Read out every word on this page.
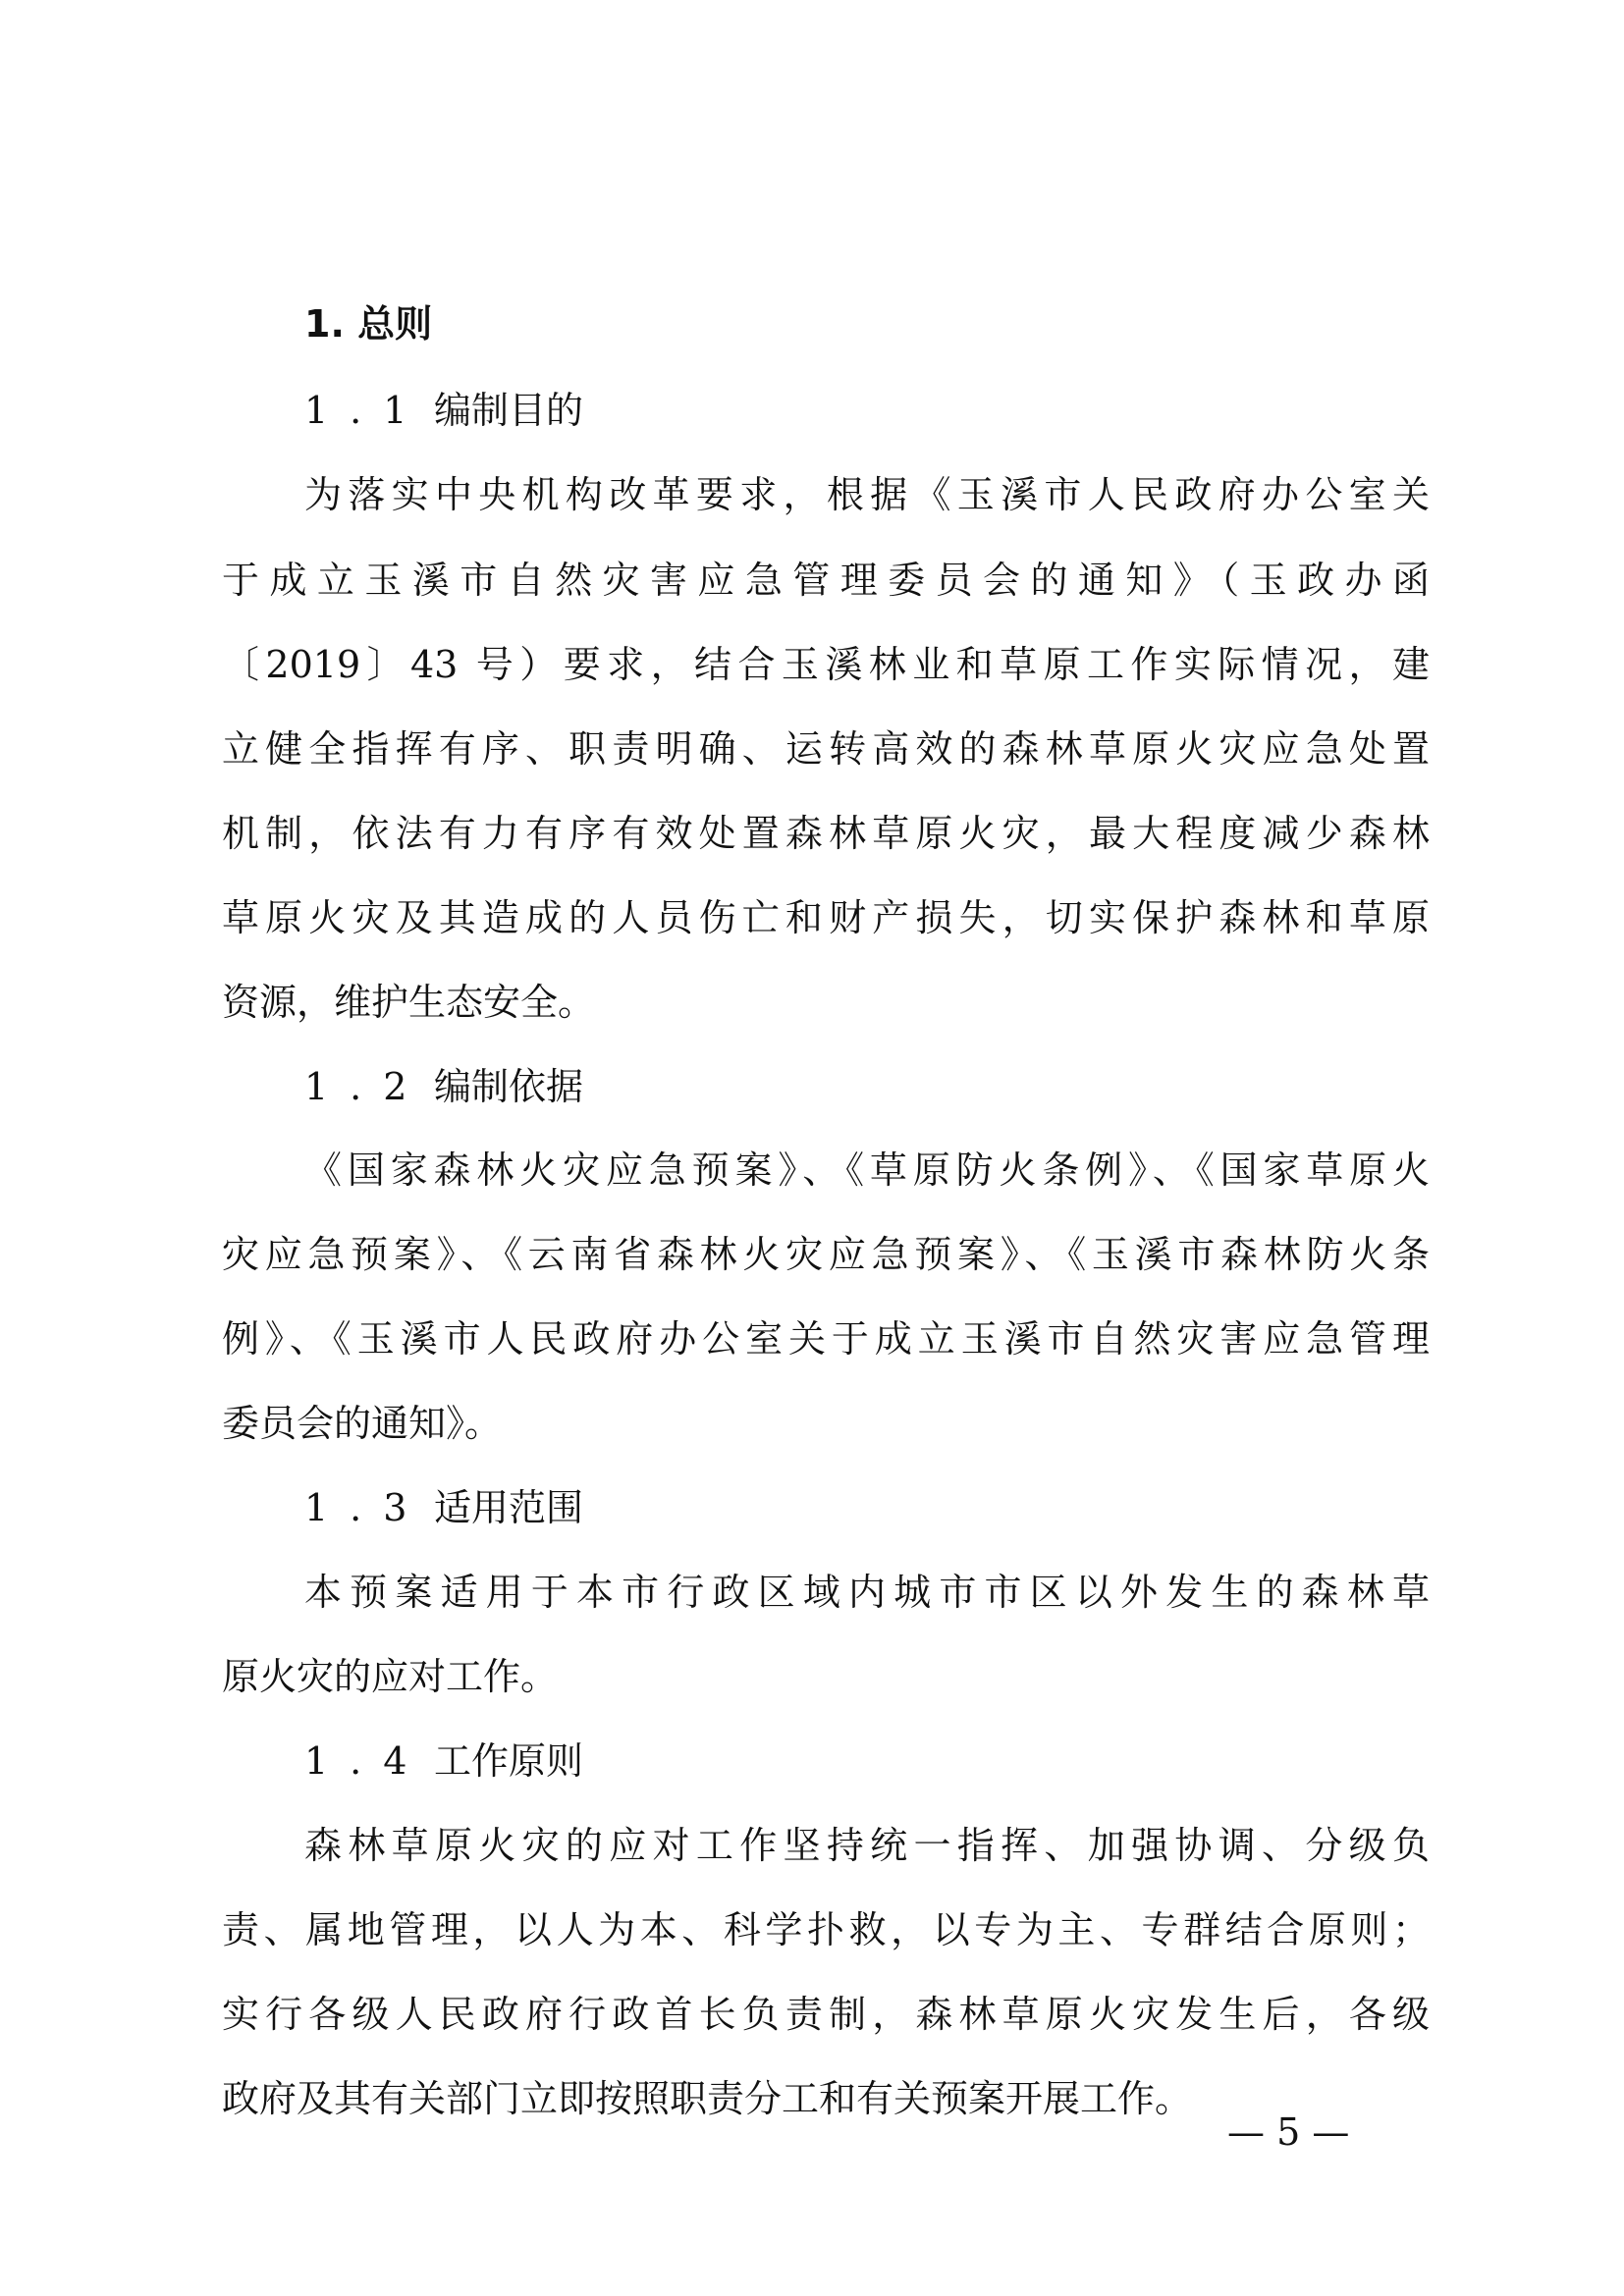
1. 总则
1.1 编制目的
为落实中央机构改革要求，根据《玉溪市人民政府办公室关
于成立玉溪市自然灾害应急管理委员会的通知》（玉政办函
〔2019〕43 号）要求，结合玉溪林业和草原工作实际情况，建
立健全指挥有序、职责明确、运转高效的森林草原火灾应急处置
机制，依法有力有序有效处置森林草原火灾，最大程度减少森林
草原火灾及其造成的人员伤亡和财产损失，切实保护森林和草原
资源，维护生态安全。
1.2 编制依据
《国家森林火灾应急预案》、《草原防火条例》、《国家草原火
灾应急预案》、《云南省森林火灾应急预案》、《玉溪市森林防火条
例》、《玉溪市人民政府办公室关于成立玉溪市自然灾害应急管理
委员会的通知》。
1.3 适用范围
本预案适用于本市行政区域内城市市区以外发生的森林草
原火灾的应对工作。
1.4 工作原则
森林草原火灾的应对工作坚持统一指挥、加强协调、分级负
责、属地管理，以人为本、科学扑救，以专为主、专群结合原则；
实行各级人民政府行政首长负责制，森林草原火灾发生后，各级
政府及其有关部门立即按照职责分工和有关预案开展工作。
— 5 —
